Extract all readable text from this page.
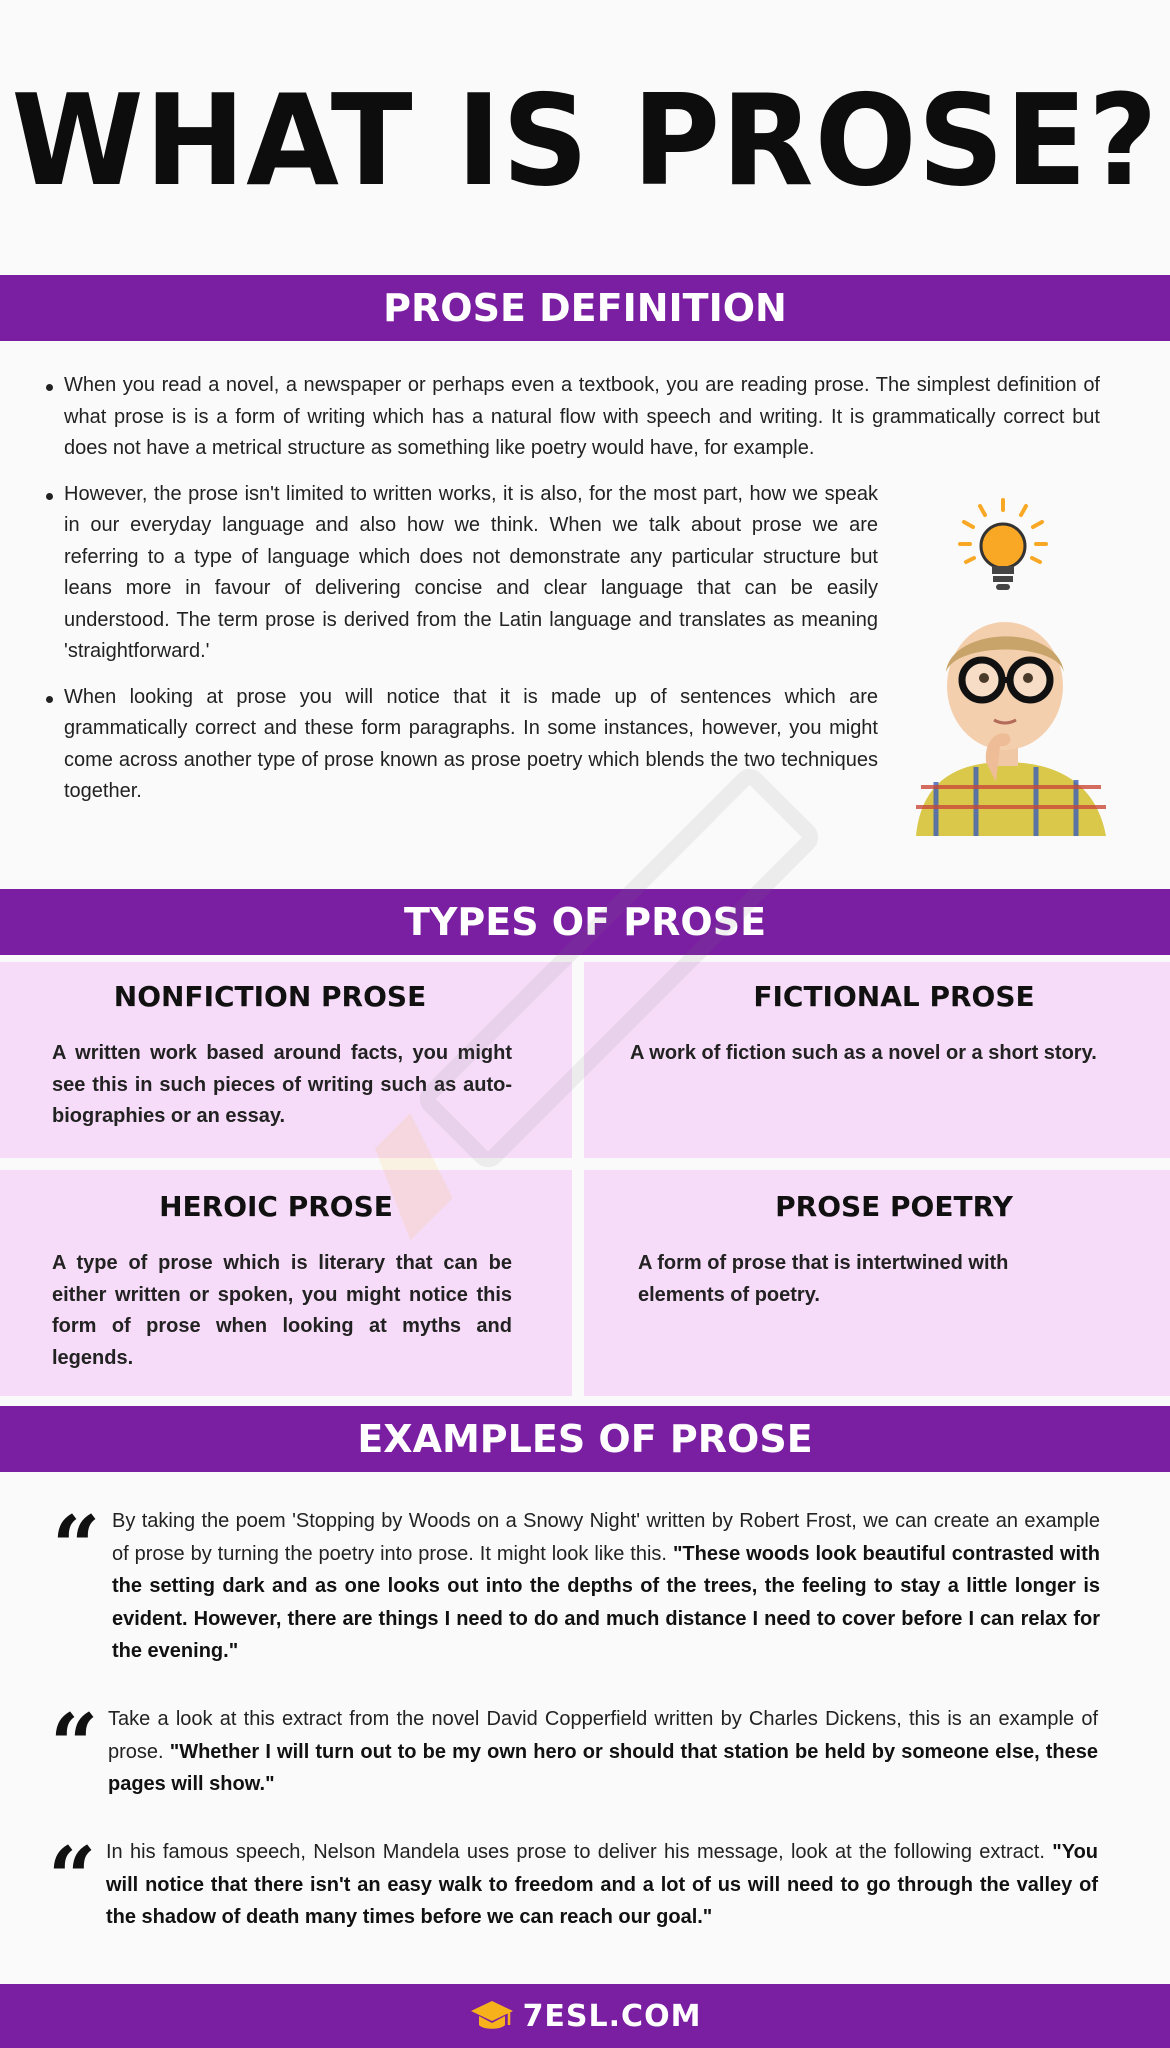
WHAT IS PROSE?
PROSE DEFINITION
When you read a novel, a newspaper or perhaps even a textbook, you are reading prose. The simplest definition of what prose is is a form of writing which has a natural flow with speech and writing. It is grammatically correct but does not have a metrical structure as something like poetry would have, for example.
However, the prose isn't limited to written works, it is also, for the most part, how we speak in our everyday language and also how we think. When we talk about prose we are referring to a type of language which does not demonstrate any particular structure but leans more in favour of delivering concise and clear language that can be easily understood. The term prose is derived from the Latin language and translates as meaning 'straightforward.'
When looking at prose you will notice that it is made up of sentences which are grammatically correct and these form paragraphs. In some instances, however, you might come across another type of prose known as prose poetry which blends the two techniques together.
TYPES OF PROSE
NONFICTION PROSE

A written work based around facts, you might see this in such pieces of writing such as auto-biographies or an essay.

FICTIONAL PROSE

A work of fiction such as a novel or a short story.

HEROIC PROSE

A type of prose which is literary that can be either written or spoken, you might notice this form of prose when looking at myths and legends.

PROSE POETRY

A form of prose that is intertwined with elements of poetry.

EXAMPLES OF PROSE
“ By taking the poem 'Stopping by Woods on a Snowy Night' written by Robert Frost, we can create an example of prose by turning the poetry into prose. It might look like this. "These woods look beautiful contrasted with the setting dark and as one looks out into the depths of the trees, the feeling to stay a little longer is evident. However, there are things I need to do and much distance I need to cover before I can relax for the evening."

“ Take a look at this extract from the novel David Copperfield written by Charles Dickens, this is an example of prose. "Whether I will turn out to be my own hero or should that station be held by someone else, these pages will show."

“ In his famous speech, Nelson Mandela uses prose to deliver his message, look at the following extract. "You will notice that there isn't an easy walk to freedom and a lot of us will need to go through the valley of the shadow of death many times before we can reach our goal."

7ESL.COM
